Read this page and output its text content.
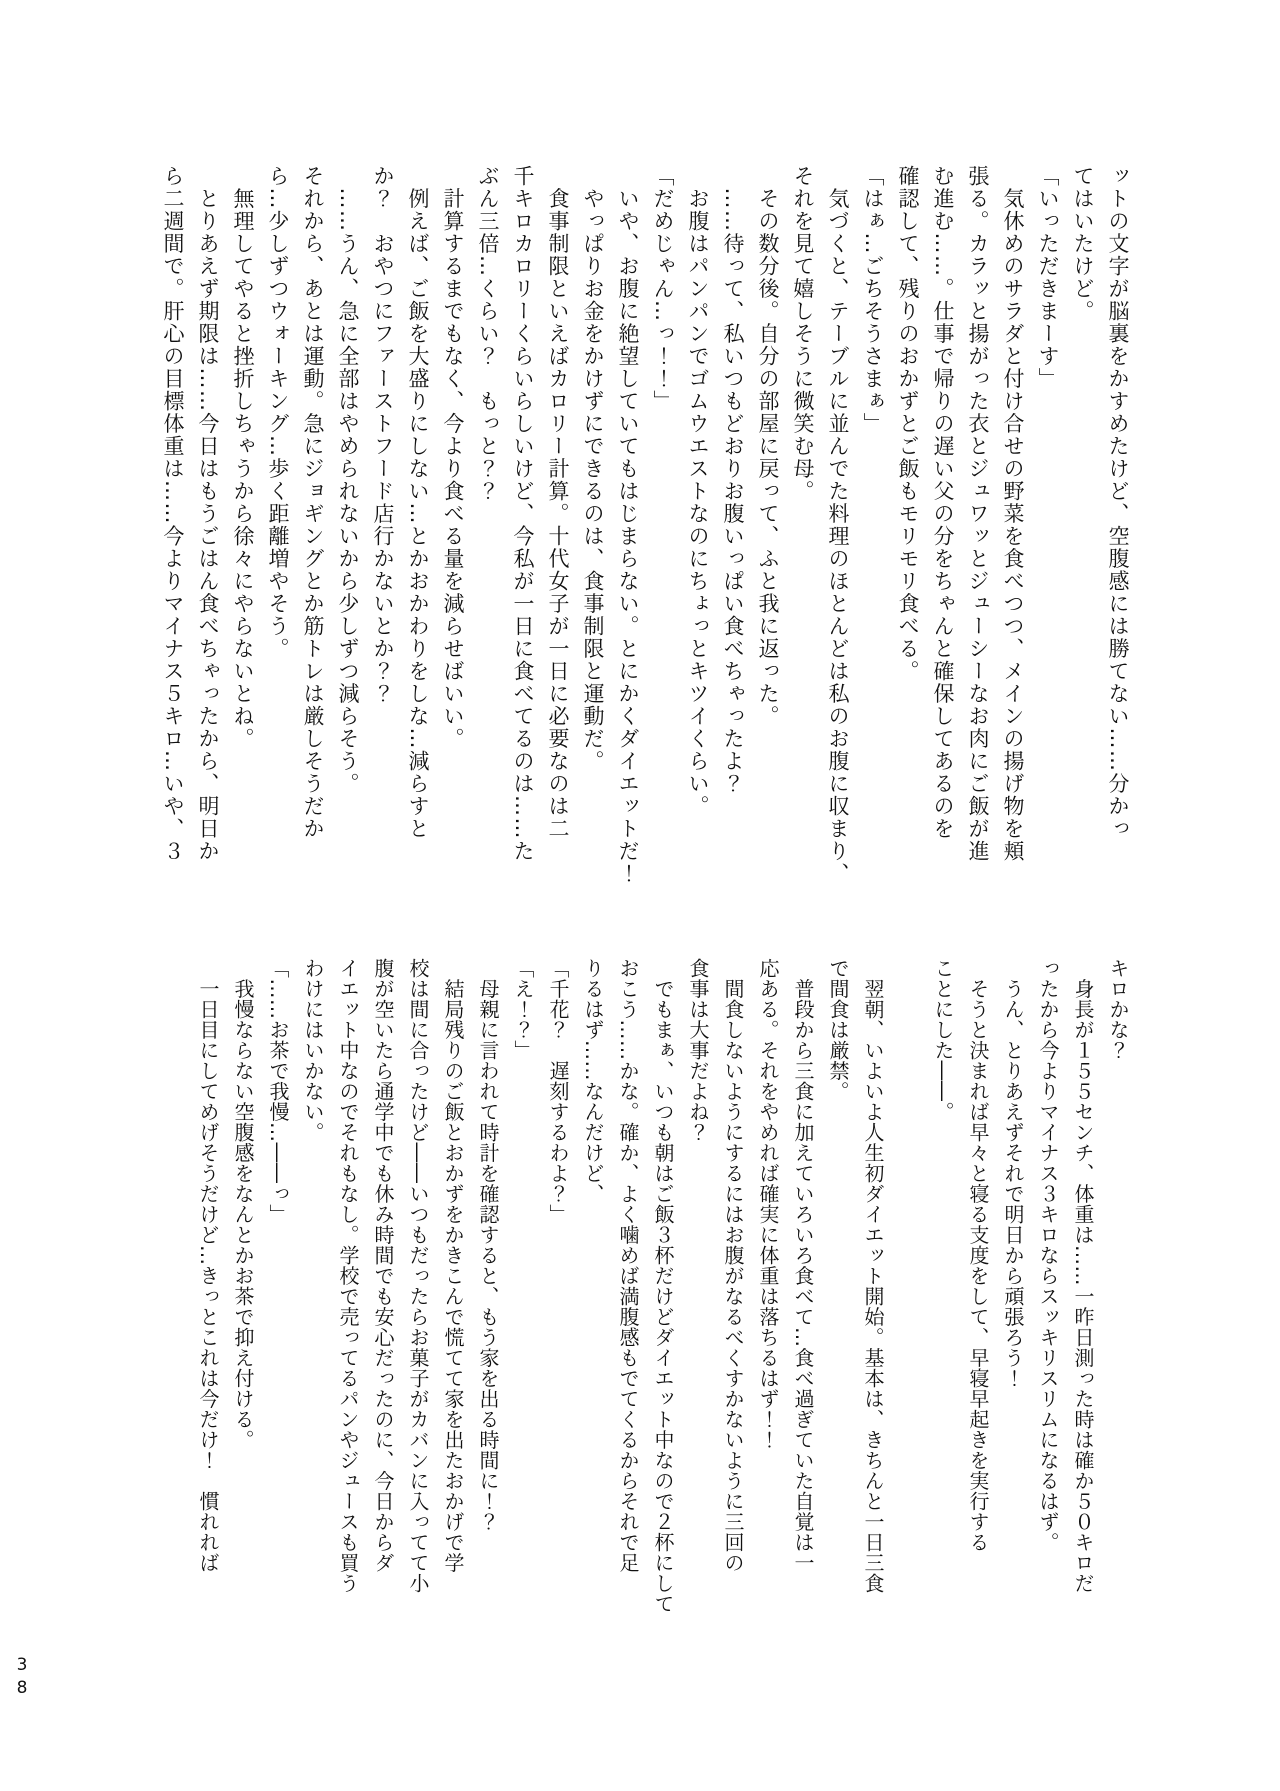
ットの文字が脳裏をかすめたけど、空腹感には勝てない……分かっ

てはいたけど。

「いっただきまーす」

　気休めのサラダと付け合せの野菜を食べつつ、メインの揚げ物を頬

張る。カラッと揚がった衣とジュワッとジューシーなお肉にご飯が進

む進む……。仕事で帰りの遅い父の分をちゃんと確保してあるのを

確認して、残りのおかずとご飯もモリモリ食べる。

「はぁ…ごちそうさまぁ」

　気づくと、テーブルに並んでた料理のほとんどは私のお腹に収まり、

それを見て嬉しそうに微笑む母。

　その数分後。自分の部屋に戻って、ふと我に返った。

　……待って、私いつもどおりお腹いっぱい食べちゃったよ？

　お腹はパンパンでゴムウエストなのにちょっとキツイくらい。

「だめじゃん…っ！！」

　いや、お腹に絶望していてもはじまらない。とにかくダイエットだ！

　やっぱりお金をかけずにできるのは、食事制限と運動だ。

　食事制限といえばカロリー計算。十代女子が一日に必要なのは二

千キロカロリーくらいらしいけど、今私が一日に食べてるのは……た

ぶん三倍…くらい？　もっと？？

　計算するまでもなく、今より食べる量を減らせばいい。

　例えば、ご飯を大盛りにしない…とかおかわりをしな…減らすと

か？　おやつにファーストフード店行かないとか？？

　……うん、急に全部はやめられないから少しずつ減らそう。

それから、あとは運動。急にジョギングとか筋トレは厳しそうだか

ら…少しずつウォーキング…歩く距離増やそう。

　無理してやると挫折しちゃうから徐々にやらないとね。

　とりあえず期限は……今日はもうごはん食べちゃったから、明日か

ら二週間で。肝心の目標体重は……今よりマイナス５キロ…いや、３

キロかな？

　身長が１５５センチ、体重は……一昨日測った時は確か５０キロだ

ったから今よりマイナス３キロならスッキリスリムになるはず。

　うん、とりあえずそれで明日から頑張ろう！

　そうと決まれば早々と寝る支度をして、早寝早起きを実行する

ことにした――。

　翌朝、いよいよ人生初ダイエット開始。基本は、きちんと一日三食

で間食は厳禁。

　普段から三食に加えていろいろ食べて…食べ過ぎていた自覚は一

応ある。それをやめれば確実に体重は落ちるはず！！

　間食しないようにするにはお腹がなるべくすかないように三回の

食事は大事だよね？

　でもまぁ、いつも朝はご飯３杯だけどダイエット中なので２杯にして

おこう……かな。確か、よく噛めば満腹感もでてくるからそれで足

りるはず……なんだけど、

「千花？　遅刻するわよ？」

「え！？」

　母親に言われて時計を確認すると、もう家を出る時間に！？

　結局残りのご飯とおかずをかきこんで慌てて家を出たおかげで学

校は間に合ったけど――いつもだったらお菓子がカバンに入ってて小

腹が空いたら通学中でも休み時間でも安心だったのに、今日からダ

イエット中なのでそれもなし。学校で売ってるパンやジュースも買う

わけにはいかない。

「……お茶で我慢…――っ」

　我慢ならない空腹感をなんとかお茶で抑え付ける。

　一日目にしてめげそうだけど…きっとこれは今だけ！　慣れれば

38
